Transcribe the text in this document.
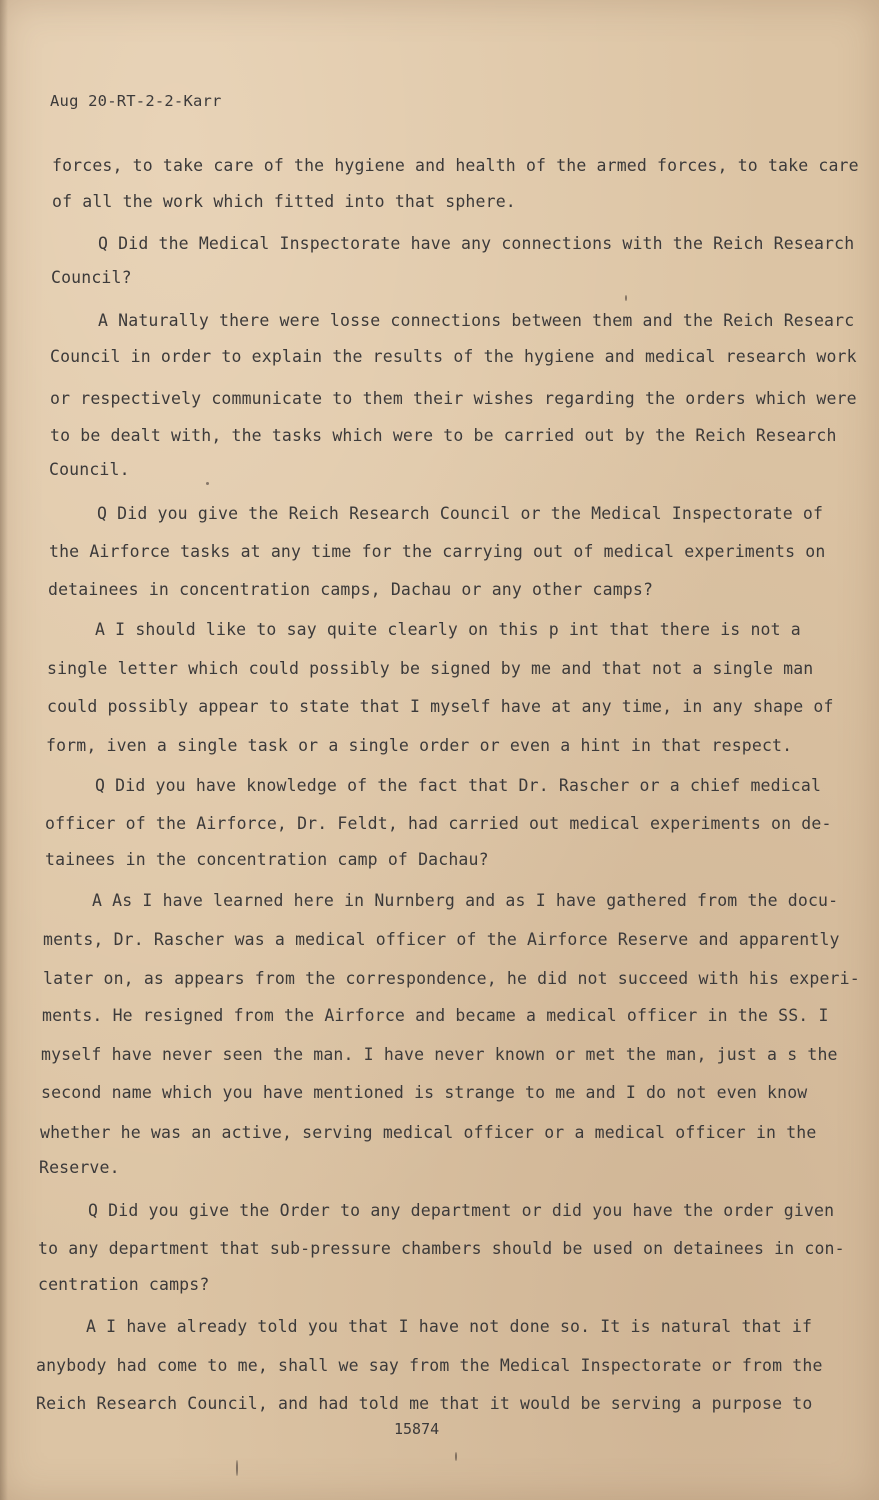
Aug 20-RT-2-2-Karr
forces, to take care of the hygiene and health of the armed forces, to take care
of all the work which fitted into that sphere.
Q Did the Medical Inspectorate have any connections with the Reich Research
Council?
A Naturally there were losse connections between them and the Reich Researc
Council in order to explain the results of the hygiene and medical research work
or respectively communicate to them their wishes regarding the orders which were
to be dealt with, the tasks which were to be carried out by the Reich Research
Council.
Q Did you give the Reich Research Council or the Medical Inspectorate of
the Airforce tasks at any time for the carrying out of medical experiments on
detainees in concentration camps, Dachau or any other camps?
A I should like to say quite clearly on this p int that there is not a
single letter which could possibly be signed by me and that not a single man
could possibly appear to state that I myself have at any time, in any shape of
form, iven a single task or a single order or even a hint in that respect.
Q Did you have knowledge of the fact that Dr. Rascher or a chief medical
officer of the Airforce, Dr. Feldt, had carried out medical experiments on de-
tainees in the concentration camp of Dachau?
A As I have learned here in Nurnberg and as I have gathered from the docu-
ments, Dr. Rascher was a medical officer of the Airforce Reserve and apparently
later on, as appears from the correspondence, he did not succeed with his experi-
ments. He resigned from the Airforce and became a medical officer in the SS. I
myself have never seen the man. I have never known or met the man, just a s the
second name which you have mentioned is strange to me and I do not even know
whether he was an active, serving medical officer or a medical officer in the
Reserve.
Q Did you give the Order to any department or did you have the order given
to any department that sub-pressure chambers should be used on detainees in con-
centration camps?
A I have already told you that I have not done so. It is natural that if
anybody had come to me, shall we say from the Medical Inspectorate or from the
Reich Research Council, and had told me that it would be serving a purpose to
15874
